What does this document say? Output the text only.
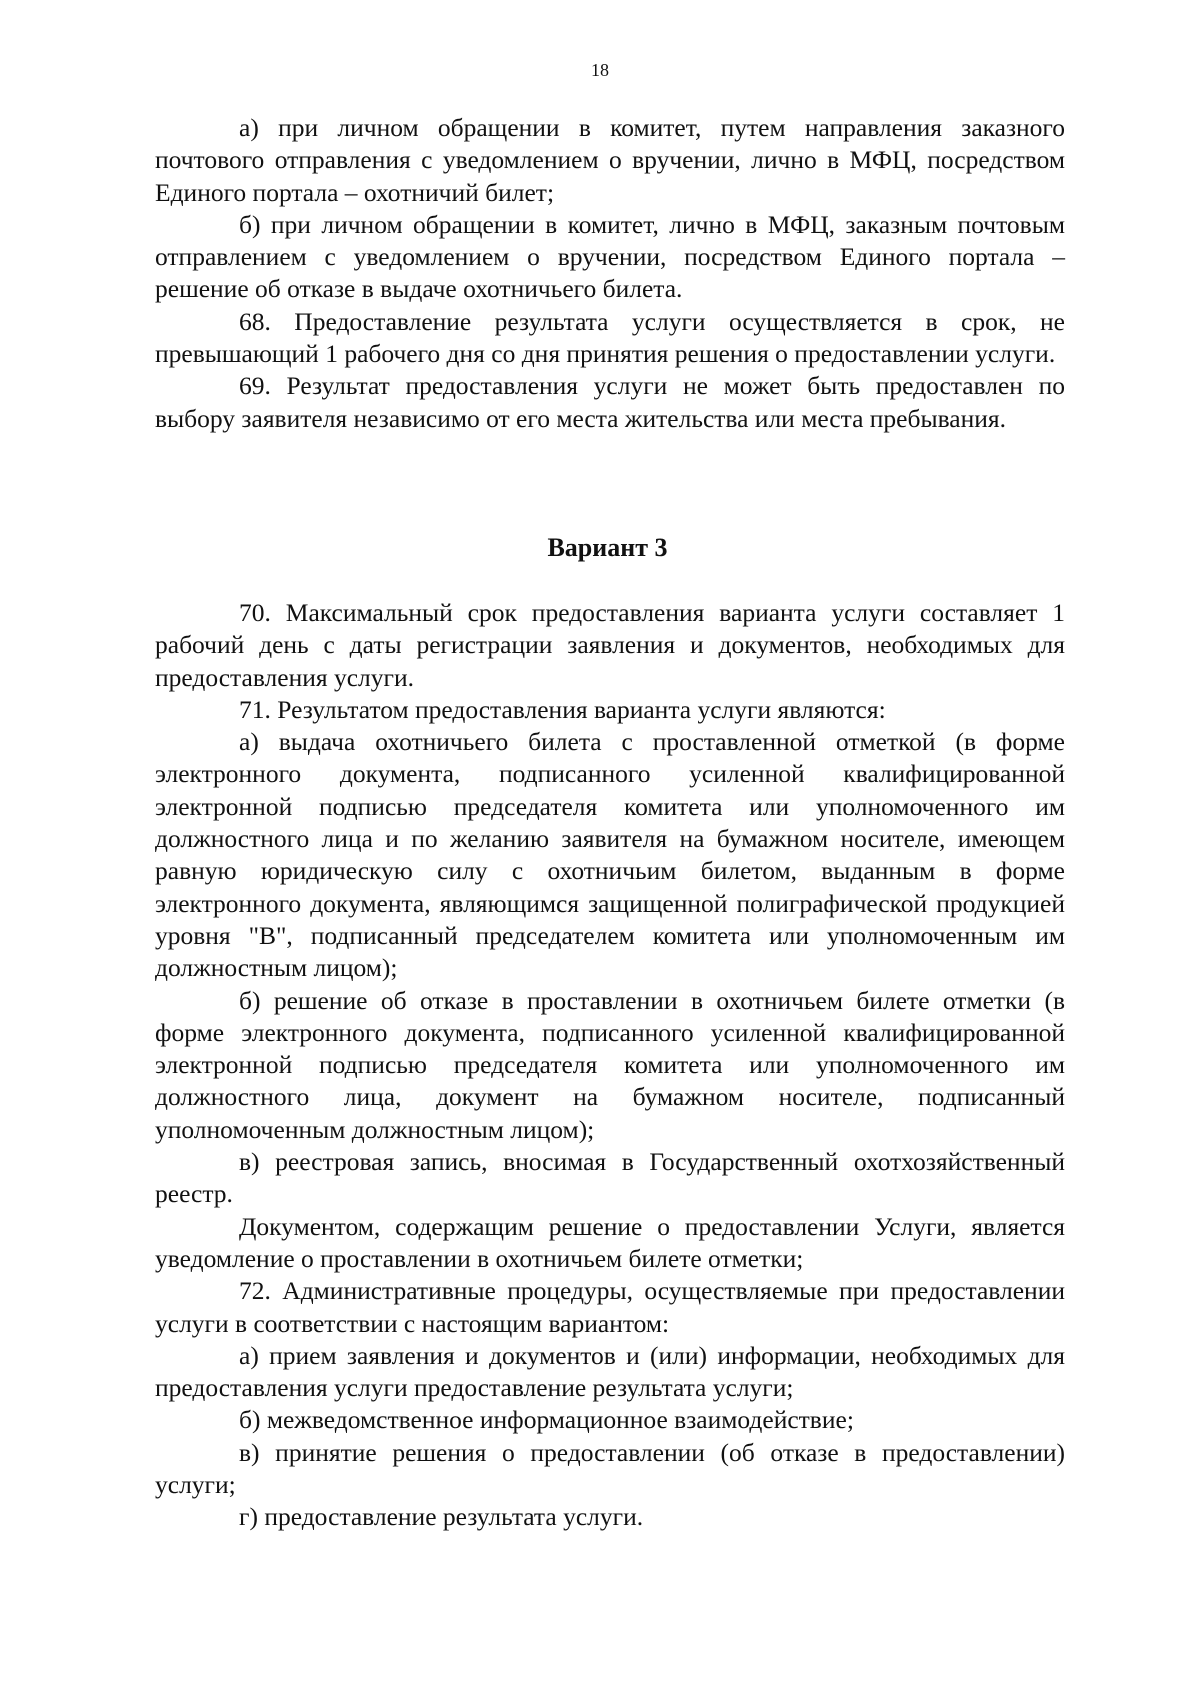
18

а) при личном обращении в комитет, путем направления заказного почтового отправления с уведомлением о вручении, лично в МФЦ, посредством Единого портала – охотничий билет;

б) при личном обращении в комитет, лично в МФЦ, заказным почтовым отправлением с уведомлением о вручении, посредством Единого портала – решение об отказе в выдаче охотничьего билета.

68. Предоставление результата услуги осуществляется в срок, не превышающий 1 рабочего дня со дня принятия решения о предоставлении услуги.

69. Результат предоставления услуги не может быть предоставлен по выбору заявителя независимо от его места жительства или места пребывания.

Вариант 3

70. Максимальный срок предоставления варианта услуги составляет 1 рабочий день с даты регистрации заявления и документов, необходимых для предоставления услуги.

71. Результатом предоставления варианта услуги являются:

а) выдача охотничьего билета с проставленной отметкой (в форме электронного документа, подписанного усиленной квалифицированной электронной подписью председателя комитета или уполномоченного им должностного лица и по желанию заявителя на бумажном носителе, имеющем равную юридическую силу с охотничьим билетом, выданным в форме электронного документа, являющимся защищенной полиграфической продукцией уровня "В", подписанный председателем комитета или уполномоченным им должностным лицом);

б) решение об отказе в проставлении в охотничьем билете отметки (в форме электронного документа, подписанного усиленной квалифицированной электронной подписью председателя комитета или уполномоченного им должностного лица, документ на бумажном носителе, подписанный уполномоченным должностным лицом);

в) реестровая запись, вносимая в Государственный охотхозяйственный реестр.

Документом, содержащим решение о предоставлении Услуги, является уведомление о проставлении в охотничьем билете отметки;

72. Административные процедуры, осуществляемые при предоставлении услуги в соответствии с настоящим вариантом:

а) прием заявления и документов и (или) информации, необходимых для предоставления услуги предоставление результата услуги;

б) межведомственное информационное взаимодействие;

в) принятие решения о предоставлении (об отказе в предоставлении) услуги;

г) предоставление результата услуги.
